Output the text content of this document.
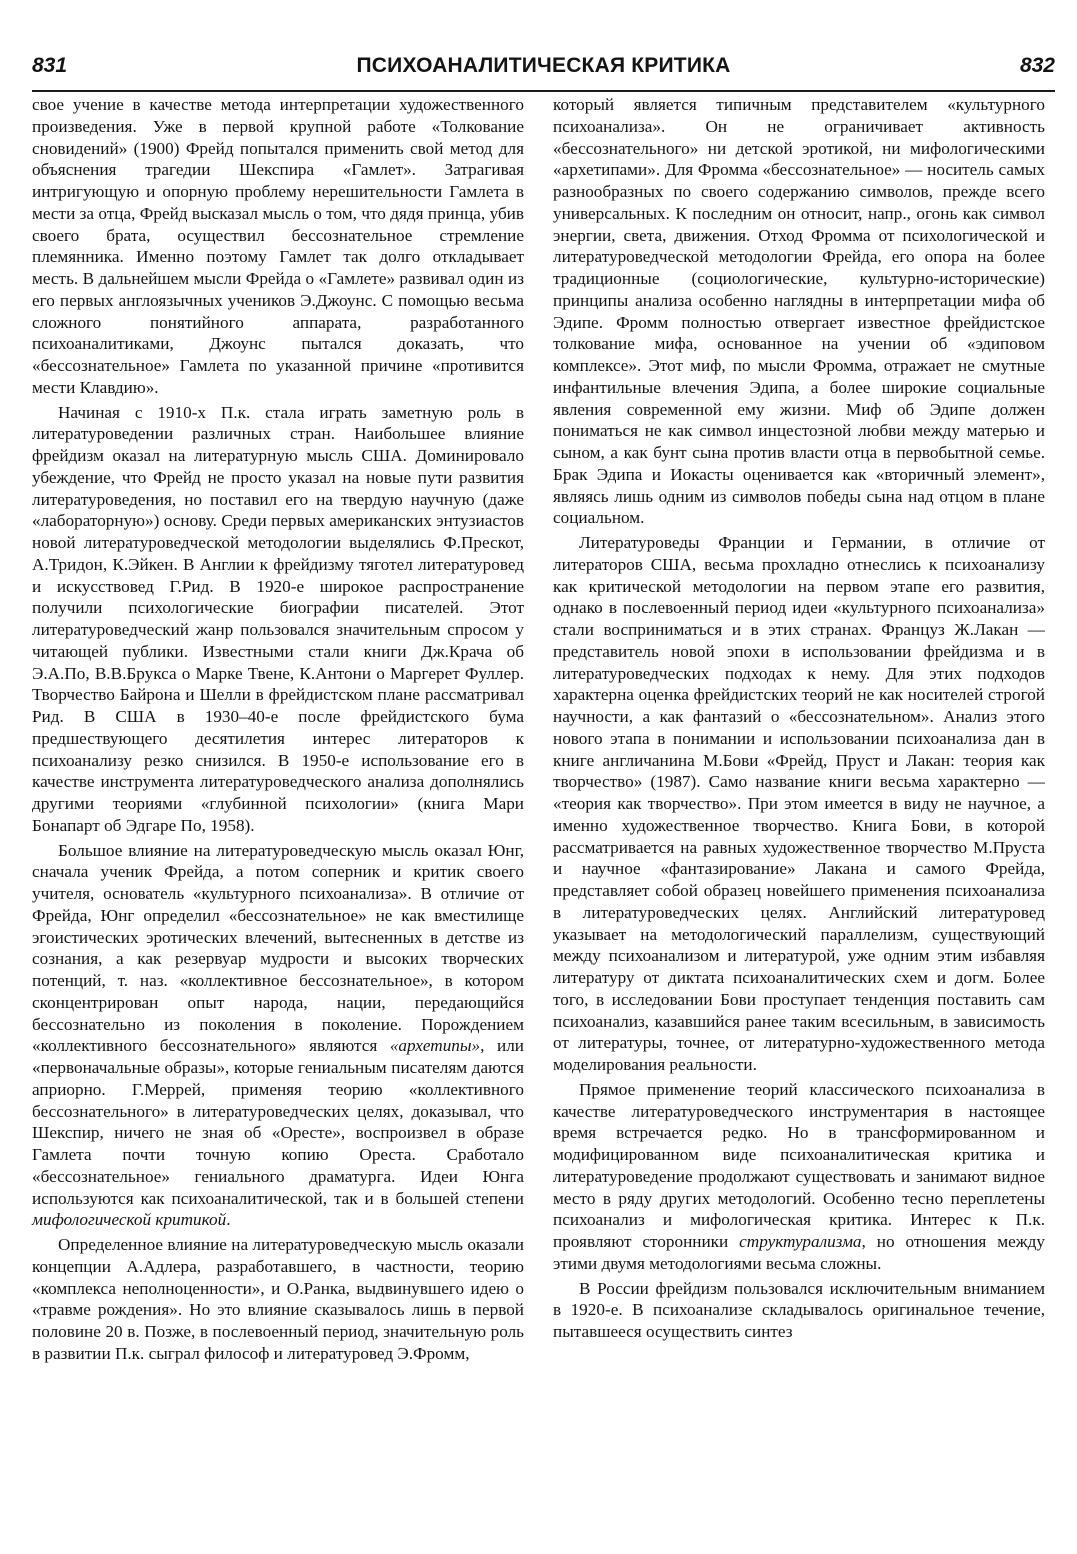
831	ПСИХОАНАЛИТИЧЕСКАЯ КРИТИКА	832

свое учение в качестве метода интерпретации художественного произведения. Уже в первой крупной работе «Толкование сновидений» (1900) Фрейд попытался применить свой метод для объяснения трагедии Шекспира «Гамлет». Затрагивая интригующую и опорную проблему нерешительности Гамлета в мести за отца, Фрейд высказал мысль о том, что дядя принца, убив своего брата, осуществил бессознательное стремление племянника. Именно поэтому Гамлет так долго откладывает месть. В дальнейшем мысли Фрейда о «Гамлете» развивал один из его первых англоязычных учеников Э.Джоунс. С помощью весьма сложного понятийного аппарата, разработанного психоаналитиками, Джоунс пытался доказать, что «бессознательное» Гамлета по указанной причине «противится мести Клавдию».

Начиная с 1910-х П.к. стала играть заметную роль в литературоведении различных стран. Наибольшее влияние фрейдизм оказал на литературную мысль США. Доминировало убеждение, что Фрейд не просто указал на новые пути развития литературоведения, но поставил его на твердую научную (даже «лабораторную») основу. Среди первых американских энтузиастов новой литературоведческой методологии выделялись Ф.Прескот, А.Тридон, К.Эйкен. В Англии к фрейдизму тяготел литературовед и искусствовед Г.Рид. В 1920-е широкое распространение получили психологические биографии писателей. Этот литературоведческий жанр пользовался значительным спросом у читающей публики. Известными стали книги Дж.Крача об Э.А.По, В.В.Брукса о Марке Твене, К.Антони о Маргерет Фуллер. Творчество Байрона и Шелли в фрейдистском плане рассматривал Рид. В США в 1930–40-е после фрейдистского бума предшествующего десятилетия интерес литераторов к психоанализу резко снизился. В 1950-е использование его в качестве инструмента литературоведческого анализа дополнялись другими теориями «глубинной психологии» (книга Мари Бонапарт об Эдгаре По, 1958).

Большое влияние на литературоведческую мысль оказал Юнг, сначала ученик Фрейда, а потом соперник и критик своего учителя, основатель «культурного психоанализа». В отличие от Фрейда, Юнг определил «бессознательное» не как вместилище эгоистических эротических влечений, вытесненных в детстве из сознания, а как резервуар мудрости и высоких творческих потенций, т. наз. «коллективное бессознательное», в котором сконцентрирован опыт народа, нации, передающийся бессознательно из поколения в поколение. Порождением «коллективного бессознательного» являются «архетипы», или «первоначальные образы», которые гениальным писателям даются априорно. Г.Меррей, применяя теорию «коллективного бессознательного» в литературоведческих целях, доказывал, что Шекспир, ничего не зная об «Оресте», воспроизвел в образе Гамлета почти точную копию Ореста. Сработало «бессознательное» гениального драматурга. Идеи Юнга используются как психоаналитической, так и в большей степени мифологической критикой.

Определенное влияние на литературоведческую мысль оказали концепции А.Адлера, разработавшего, в частности, теорию «комплекса неполноценности», и О.Ранка, выдвинувшего идею о «травме рождения». Но это влияние сказывалось лишь в первой половине 20 в. Позже, в послевоенный период, значительную роль в развитии П.к. сыграл философ и литературовед Э.Фромм,

который является типичным представителем «культурного психоанализа». Он не ограничивает активность «бессознательного» ни детской эротикой, ни мифологическими «архетипами». Для Фромма «бессознательное» — носитель самых разнообразных по своего содержанию символов, прежде всего универсальных. К последним он относит, напр., огонь как символ энергии, света, движения. Отход Фромма от психологической и литературоведческой методологии Фрейда, его опора на более традиционные (социологические, культурно-исторические) принципы анализа особенно наглядны в интерпретации мифа об Эдипе. Фромм полностью отвергает известное фрейдистское толкование мифа, основанное на учении об «эдиповом комплексе». Этот миф, по мысли Фромма, отражает не смутные инфантильные влечения Эдипа, а более широкие социальные явления современной ему жизни. Миф об Эдипе должен пониматься не как символ инцестозной любви между матерью и сыном, а как бунт сына против власти отца в первобытной семье. Брак Эдипа и Иокасты оценивается как «вторичный элемент», являясь лишь одним из символов победы сына над отцом в плане социальном.

Литературоведы Франции и Германии, в отличие от литераторов США, весьма прохладно отнеслись к психоанализу как критической методологии на первом этапе его развития, однако в послевоенный период идеи «культурного психоанализа» стали восприниматься и в этих странах. Француз Ж.Лакан — представитель новой эпохи в использовании фрейдизма и в литературоведческих подходах к нему. Для этих подходов характерна оценка фрейдистских теорий не как носителей строгой научности, а как фантазий о «бессознательном». Анализ этого нового этапа в понимании и использовании психоанализа дан в книге англичанина М.Бови «Фрейд, Пруст и Лакан: теория как творчество» (1987). Само название книги весьма характерно — «теория как творчество». При этом имеется в виду не научное, а именно художественное творчество. Книга Бови, в которой рассматривается на равных художественное творчество М.Пруста и научное «фантазирование» Лакана и самого Фрейда, представляет собой образец новейшего применения психоанализа в литературоведческих целях. Английский литературовед указывает на методологический параллелизм, существующий между психоанализом и литературой, уже одним этим избавляя литературу от диктата психоаналитических схем и догм. Более того, в исследовании Бови проступает тенденция поставить сам психоанализ, казавшийся ранее таким всесильным, в зависимость от литературы, точнее, от литературно-художественного метода моделирования реальности.

Прямое применение теорий классического психоанализа в качестве литературоведческого инструментария в настоящее время встречается редко. Но в трансформированном и модифицированном виде психоаналитическая критика и литературоведение продолжают существовать и занимают видное место в ряду других методологий. Особенно тесно переплетены психоанализ и мифологическая критика. Интерес к П.к. проявляют сторонники структурализма, но отношения между этими двумя методологиями весьма сложны.

В России фрейдизм пользовался исключительным вниманием в 1920-е. В психоанализе складывалось оригинальное течение, пытавшееся осуществить синтез
